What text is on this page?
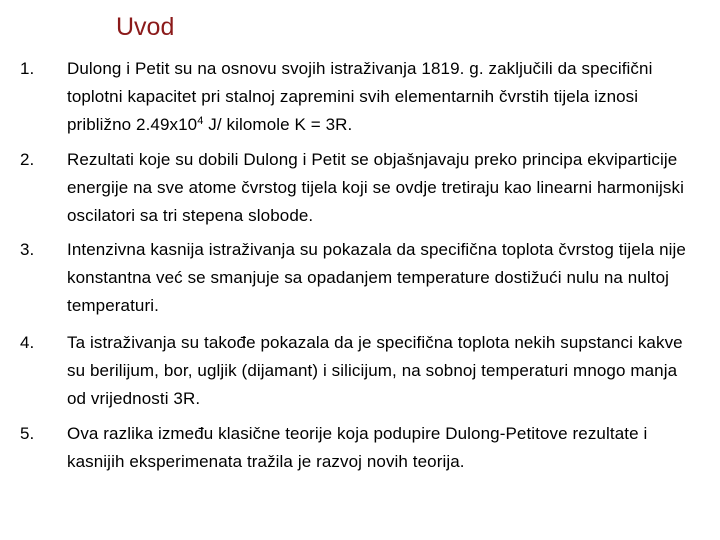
Uvod
1. Dulong i Petit su na osnovu svojih istraživanja 1819. g. zaključili da specifični toplotni kapacitet pri stalnoj zapremini svih elementarnih čvrstih tijela iznosi približno $2.49x10^4$ J/ kilomole K = 3R.
2. Rezultati koje su dobili Dulong i Petit se objašnjavaju preko principa ekviparticije energije na sve atome čvrstog tijela koji se ovdje tretiraju kao linearni harmonijski oscilatori sa tri stepena slobode.
3. Intenzivna kasnija istraživanja su pokazala da specifična toplota čvrstog tijela nije konstantna već se smanjuje sa opadanjem temperature dostižući nulu na nultoj temperaturi.
4. Ta istraživanja su takođe pokazala da je specifična toplota nekih supstanci kakve su berilijum, bor, ugljik (dijamant) i silicijum, na sobnoj temperaturi mnogo manja od vrijednosti 3R.
5. Ova razlika između klasične teorije koja podupire Dulong-Petitove rezultate i kasnijih eksperimenata tražila je razvoj novih teorija.
